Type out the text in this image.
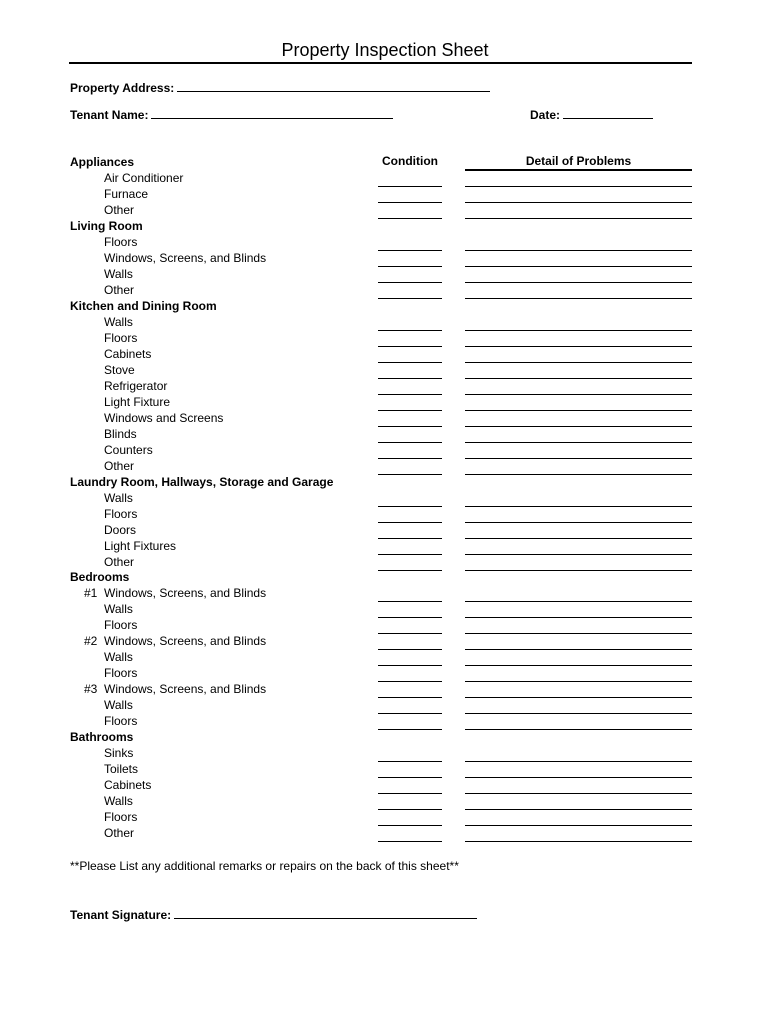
Property Inspection Sheet
Property Address:
Tenant Name:	Date:
Condition	Detail of Problems
Appliances
Air Conditioner
Furnace
Other
Living Room
Floors
Windows, Screens, and Blinds
Walls
Other
Kitchen and Dining Room
Walls
Floors
Cabinets
Stove
Refrigerator
Light Fixture
Windows and Screens
Blinds
Counters
Other
Laundry Room, Hallways, Storage and Garage
Walls
Floors
Doors
Light Fixtures
Other
Bedrooms
#1 Windows, Screens, and Blinds
Walls
Floors
#2 Windows, Screens, and Blinds
Walls
Floors
#3 Windows, Screens, and Blinds
Walls
Floors
Bathrooms
Sinks
Toilets
Cabinets
Walls
Floors
Other
**Please List any additional remarks or repairs on the back of this sheet**
Tenant Signature:
